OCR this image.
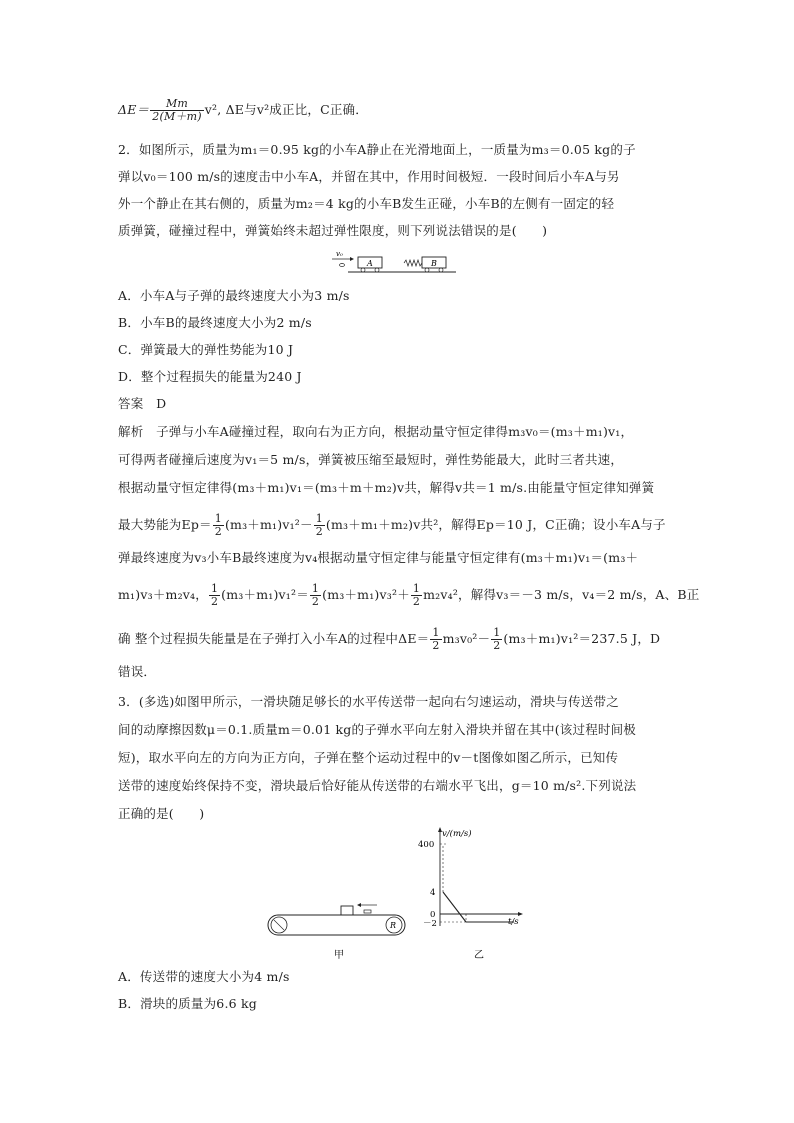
$\Delta E= \frac{Mm}{2(M+m)} v^2$, ΔE与v²成正比，C正确．
2．如图所示，质量为m₁＝0.95 kg的小车A静止在光滑地面上，一质量为m₃＝0.05 kg的子
弹以v₀＝100 m/s的速度击中小车A，并留在其中，作用时间极短．一段时间后小车A与另
外一个静止在其右侧的，质量为m₂＝4 kg的小车B发生正碰，小车B的左侧有一固定的轻
质弹簧，碰撞过程中，弹簧始终未超过弹性限度，则下列说法错误的是(　　)
v₀
A	B
A．小车A与子弹的最终速度大小为3 m/s
B．小车B的最终速度大小为2 m/s
C．弹簧最大的弹性势能为10 J
D．整个过程损失的能量为240 J
答案　D
解析　子弹与小车A碰撞过程，取向右为正方向，根据动量守恒定律得m₃v₀＝(m₃＋m₁)v₁，
可得两者碰撞后速度为v₁＝5 m/s，弹簧被压缩至最短时，弹性势能最大，此时三者共速，
根据动量守恒定律得(m₃＋m₁)v₁＝(m₃＋m＋m₂)v共，解得v共＝1 m/s.由能量守恒定律知弹簧
最大势能为$Ep= \frac{1}{2} (m_3+m_1)v_1^2- \frac{1}{2} (m_3+m_1+m_2)v$共²，解得Ep＝10 J，C正确；设小车A与子
弹最终速度为v₃小车B最终速度为v₄根据动量守恒定律与能量守恒定律有(m₃＋m₁)v₁＝(m₃＋
m₁)v₃＋m₂v₄， $\frac{1}{2} (m_3+m_1)v_1^2= \frac{1}{2} (m_3+m_1)v_3^2+ \frac{1}{2} m_2v_4^2$，解得v₃＝－3 m/s，v₄＝2 m/s，A、B正
确 整个过程损失能量是在子弹打入小车A的过程中$\Delta E= \frac{1}{2} m_3v_0^2- \frac{1}{2} (m_3+m_1)v_1^2=237.5$ J，D
错误．
3．(多选)如图甲所示，一滑块随足够长的水平传送带一起向右匀速运动，滑块与传送带之
间的动摩擦因数μ＝0.1.质量m＝0.01 kg的子弹水平向左射入滑块并留在其中(该过程时间极
短)，取水平向左的方向为正方向，子弹在整个运动过程中的v－t图像如图乙所示，已知传
送带的速度始终保持不变，滑块最后恰好能从传送带的右端水平飞出，g＝10 m/s².下列说法
正确的是(　　)
R
甲
v/(m/s)
t/s
400
4
0
－2
乙
A．传送带的速度大小为4 m/s
B．滑块的质量为6.6 kg
